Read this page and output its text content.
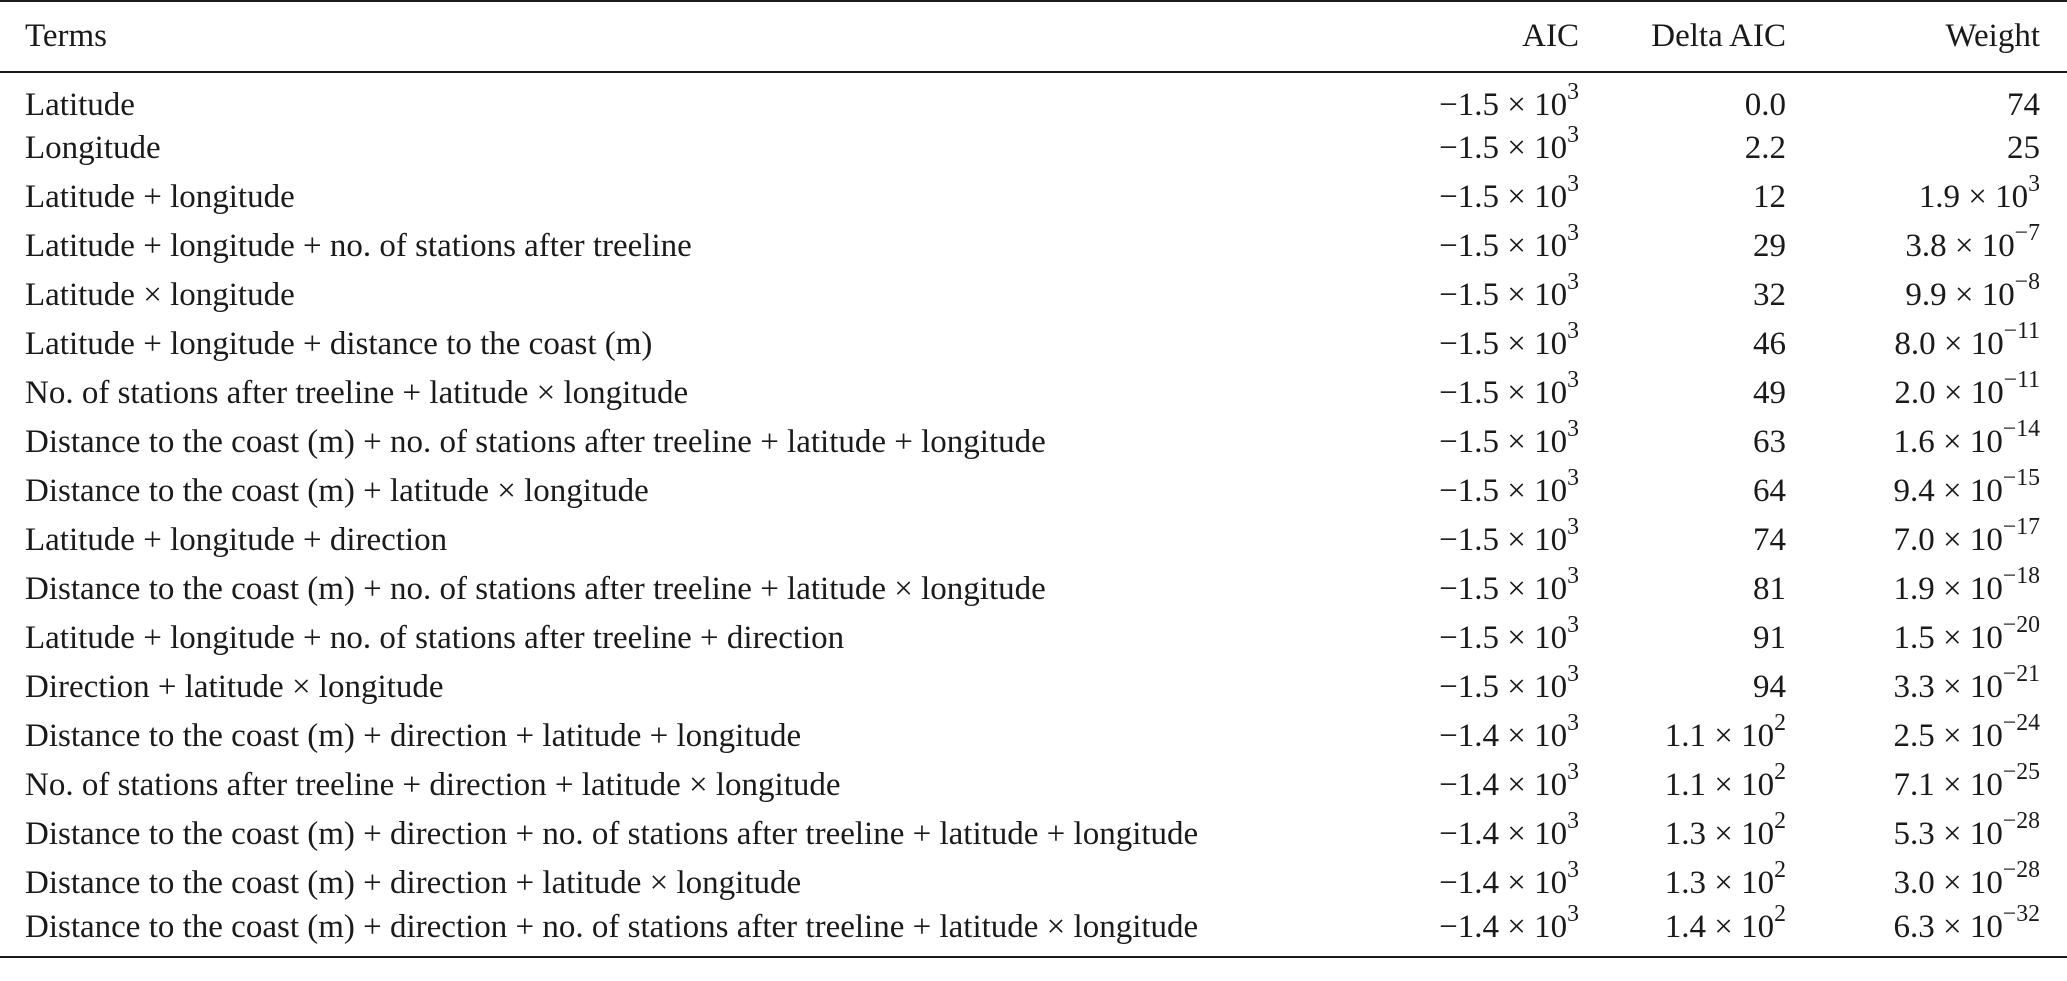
Terms	AIC	Delta AIC	Weight
Latitude	$-1.5 \times 10^3$	0.0	74
Longitude	$-1.5 \times 10^3$	2.2	25
Latitude + longitude	$-1.5 \times 10^3$	12	$1.9 \times 10^3$
Latitude + longitude + no. of stations after treeline	$-1.5 \times 10^3$	29	$3.8 \times 10^{-7}$
Latitude × longitude	$-1.5 \times 10^3$	32	$9.9 \times 10^{-8}$
Latitude + longitude + distance to the coast (m)	$-1.5 \times 10^3$	46	$8.0 \times 10^{-11}$
No. of stations after treeline + latitude × longitude	$-1.5 \times 10^3$	49	$2.0 \times 10^{-11}$
Distance to the coast (m) + no. of stations after treeline + latitude + longitude	$-1.5 \times 10^3$	63	$1.6 \times 10^{-14}$
Distance to the coast (m) + latitude × longitude	$-1.5 \times 10^3$	64	$9.4 \times 10^{-15}$
Latitude + longitude + direction	$-1.5 \times 10^3$	74	$7.0 \times 10^{-17}$
Distance to the coast (m) + no. of stations after treeline + latitude × longitude	$-1.5 \times 10^3$	81	$1.9 \times 10^{-18}$
Latitude + longitude + no. of stations after treeline + direction	$-1.5 \times 10^3$	91	$1.5 \times 10^{-20}$
Direction + latitude × longitude	$-1.5 \times 10^3$	94	$3.3 \times 10^{-21}$
Distance to the coast (m) + direction + latitude + longitude	$-1.4 \times 10^3$	$1.1 \times 10^2$	$2.5 \times 10^{-24}$
No. of stations after treeline + direction + latitude × longitude	$-1.4 \times 10^3$	$1.1 \times 10^2$	$7.1 \times 10^{-25}$
Distance to the coast (m) + direction + no. of stations after treeline + latitude + longitude	$-1.4 \times 10^3$	$1.3 \times 10^2$	$5.3 \times 10^{-28}$
Distance to the coast (m) + direction + latitude × longitude	$-1.4 \times 10^3$	$1.3 \times 10^2$	$3.0 \times 10^{-28}$
Distance to the coast (m) + direction + no. of stations after treeline + latitude × longitude	$-1.4 \times 10^3$	$1.4 \times 10^2$	$6.3 \times 10^{-32}$
